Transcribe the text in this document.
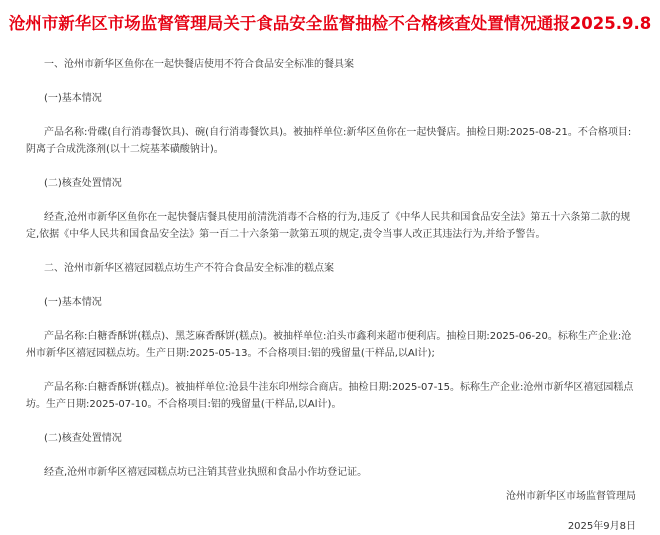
沧州市新华区市场监督管理局关于食品安全监督抽检不合格核查处置情况通报2025.9.8

一、沧州市新华区鱼你在一起快餐店使用不符合食品安全标准的餐具案

(一)基本情况

产品名称:骨碟(自行消毒餐饮具)、碗(自行消毒餐饮具)。被抽样单位:新华区鱼你在一起快餐店。抽检日期:2025-08-21。不合格项目:阴离子合成洗涤剂(以十二烷基苯磺酸钠计)。

(二)核查处置情况

经查,沧州市新华区鱼你在一起快餐店餐具使用前清洗消毒不合格的行为,违反了《中华人民共和国食品安全法》第五十六条第二款的规定,依据《中华人民共和国食品安全法》第一百二十六条第一款第五项的规定,责令当事人改正其违法行为,并给予警告。

二、沧州市新华区禧冠园糕点坊生产不符合食品安全标准的糕点案

(一)基本情况

产品名称:白糖香酥饼(糕点)、黑芝麻香酥饼(糕点)。被抽样单位:泊头市鑫利来超市便利店。抽检日期:2025-06-20。标称生产企业:沧州市新华区禧冠园糕点坊。生产日期:2025-05-13。不合格项目:铝的残留量(干样品,以Al计);

产品名称:白糖香酥饼(糕点)。被抽样单位:沧县牛洼东印州综合商店。抽检日期:2025-07-15。标称生产企业:沧州市新华区禧冠园糕点坊。生产日期:2025-07-10。不合格项目:铝的残留量(干样品,以Al计)。

(二)核查处置情况

经查,沧州市新华区禧冠园糕点坊已注销其营业执照和食品小作坊登记证。

沧州市新华区市场监督管理局
2025年9月8日
